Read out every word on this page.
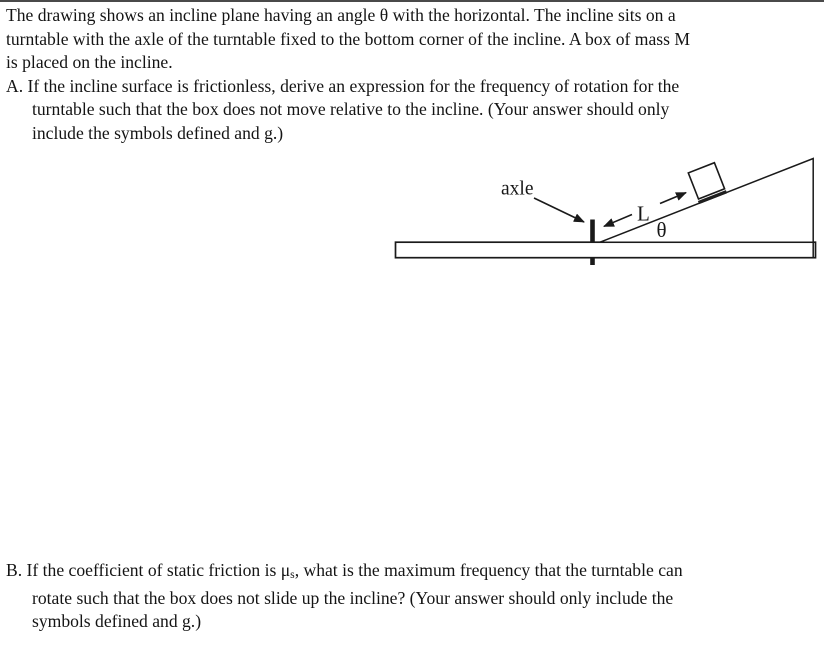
The drawing shows an incline plane having an angle θ with the horizontal. The incline sits on a
turntable with the axle of the turntable fixed to the bottom corner of the incline. A box of mass M
is placed on the incline.
A. If the incline surface is frictionless, derive an expression for the frequency of rotation for the
turntable such that the box does not move relative to the incline. (Your answer should only
include the symbols defined and g.)
axle
L
θ
B. If the coefficient of static friction is μs, what is the maximum frequency that the turntable can
rotate such that the box does not slide up the incline? (Your answer should only include the
symbols defined and g.)
